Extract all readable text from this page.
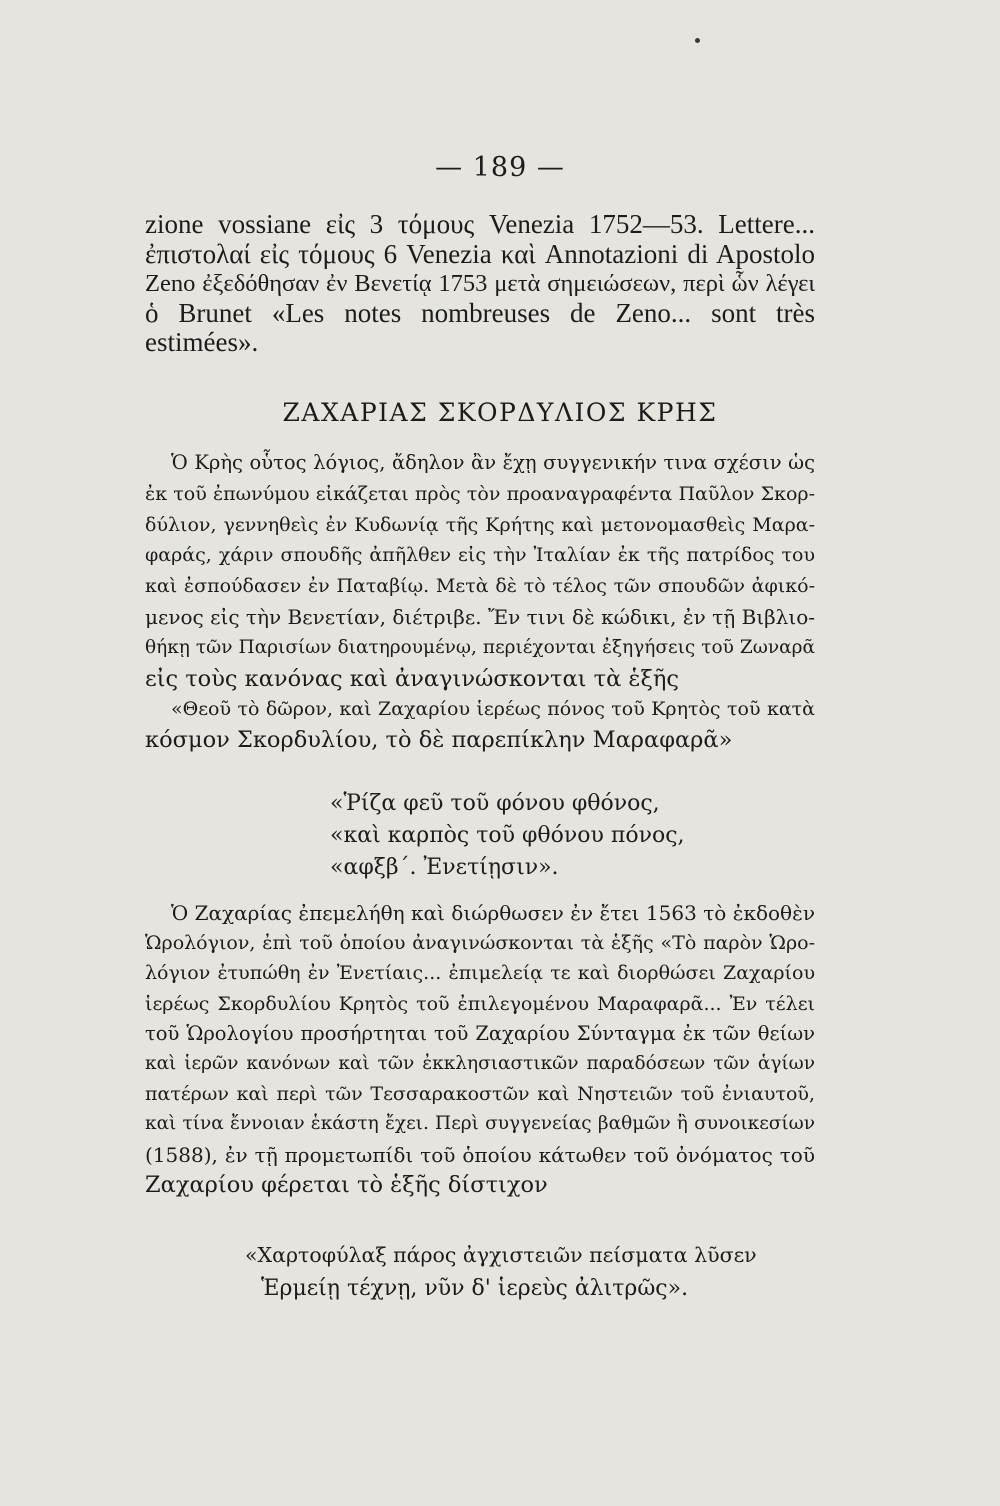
— 189 —
zione vossiane εἰς 3 τόμους Venezia 1752—53. Lettere...
ἐπιστολαί εἰς τόμους 6 Venezia καὶ Annotazioni di Apostolo
Zeno ἐξεδόθησαν ἐν Βενετίᾳ 1753 μετὰ σημειώσεων, περὶ ὧν λέγει
ὁ Brunet «Les notes nombreuses de Zeno... sont très
estimées».
ΖΑΧΑΡΙΑΣ ΣΚΟΡΔΥΛΙΟΣ ΚΡΗΣ
Ὁ Κρὴς οὗτος λόγιος, ἄδηλον ἂν ἔχῃ συγγενικήν τινα σχέσιν ὡς
ἐκ τοῦ ἐπωνύμου εἰκάζεται πρὸς τὸν προαναγραφέντα Παῦλον Σκορ-
δύλιον, γεννηθεὶς ἐν Κυδωνίᾳ τῆς Κρήτης καὶ μετονομασθεὶς Μαρα-
φαράς, χάριν σπουδῆς ἀπῆλθεν εἰς τὴν Ἰταλίαν ἐκ τῆς πατρίδος του
καὶ ἐσπούδασεν ἐν Παταβίῳ. Μετὰ δὲ τὸ τέλος τῶν σπουδῶν ἀφικό-
μενος εἰς τὴν Βενετίαν, διέτριβε. Ἔν τινι δὲ κώδικι, ἐν τῇ Βιβλιο-
θήκῃ τῶν Παρισίων διατηρουμένῳ, περιέχονται ἐξηγήσεις τοῦ Ζωναρᾶ
εἰς τοὺς κανόνας καὶ ἀναγινώσκονται τὰ ἑξῆς
«Θεοῦ τὸ δῶρον, καὶ Ζαχαρίου ἱερέως πόνος τοῦ Κρητὸς τοῦ κατὰ
κόσμον Σκορδυλίου, τὸ δὲ παρεπίκλην Μαραφαρᾶ»
«Ῥίζα φεῦ τοῦ φόνου φθόνος,
«καὶ καρπὸς τοῦ φθόνου πόνος,
«αφξβ΄. Ἐνετίῃσιν».
Ὁ Ζαχαρίας ἐπεμελήθη καὶ διώρθωσεν ἐν ἔτει 1563 τὸ ἐκδοθὲν
Ὡρολόγιον, ἐπὶ τοῦ ὁποίου ἀναγινώσκονται τὰ ἑξῆς «Τὸ παρὸν Ὡρο-
λόγιον ἐτυπώθη ἐν Ἐνετίαις... ἐπιμελείᾳ τε καὶ διορθώσει Ζαχαρίου
ἱερέως Σκορδυλίου Κρητὸς τοῦ ἐπιλεγομένου Μαραφαρᾶ... Ἐν τέλει
τοῦ Ὡρολογίου προσήρτηται τοῦ Ζαχαρίου Σύνταγμα ἐκ τῶν θείων
καὶ ἱερῶν κανόνων καὶ τῶν ἐκκλησιαστικῶν παραδόσεων τῶν ἁγίων
πατέρων καὶ περὶ τῶν Τεσσαρακοστῶν καὶ Νηστειῶν τοῦ ἐνιαυτοῦ,
καὶ τίνα ἔννοιαν ἑκάστη ἔχει. Περὶ συγγενείας βαθμῶν ἢ συνοικεσίων
(1588), ἐν τῇ προμετωπίδι τοῦ ὁποίου κάτωθεν τοῦ ὀνόματος τοῦ
Ζαχαρίου φέρεται τὸ ἑξῆς δίστιχον
«Χαρτοφύλαξ πάρος ἀγχιστειῶν πείσματα λῦσεν
Ἑρμείῃ τέχνῃ, νῦν δ' ἱερεὺς ἀλιτρῶς».
